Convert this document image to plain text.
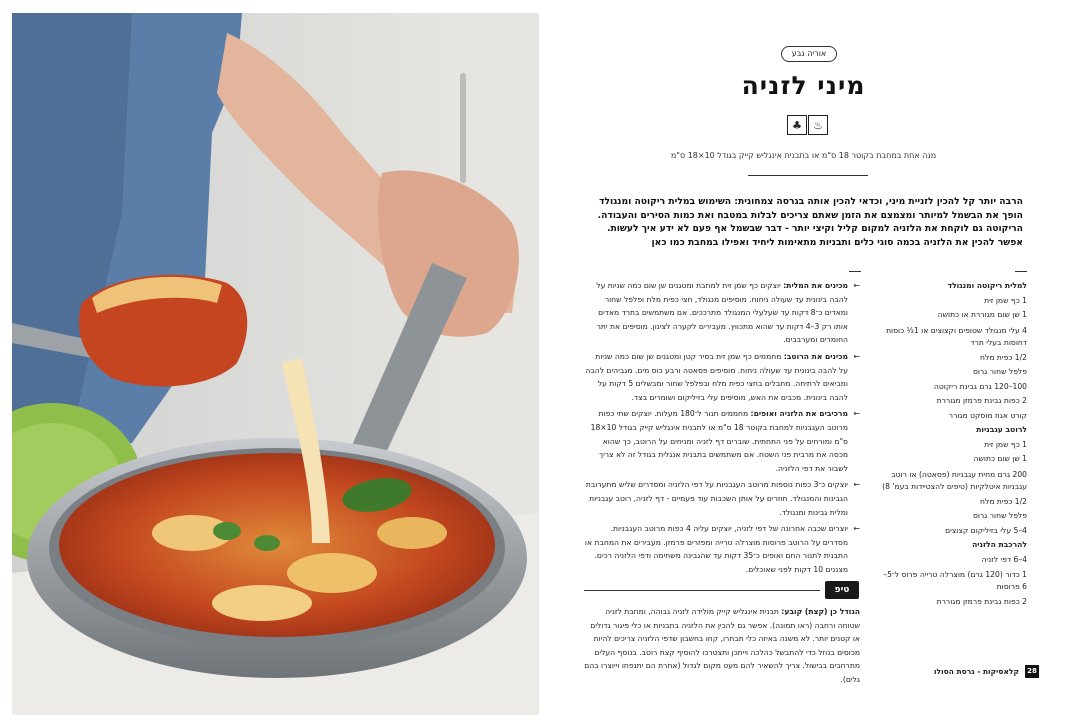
אוריה גבע
מיני לזניה
♣	♨
מנה אחת במחבת בקוטר 18 ס"מ או בתבנית אינגליש קייק בגודל 10×18 ס"מ
הרבה יותר קל להכין לזניית מיני, וכדאי להכין אותה בגרסה צמחונית: השימוש במלית ריקוטה ומנגולד הופך את הבשמל למיותר ומצמצם את הזמן שאתם צריכים לבלות במטבח ואת כמות הסירים והעבודה. הריקוטה גם לוקחת את הלזניה למקום קליל וקיצי יותר - דבר שבשמל אף פעם לא ידע איך לעשות. אפשר להכין את הלזניה בכמה סוגי כלים ותבניות מתאימות ליחיד ואפילו במחבת כמו כאן
למלית ריקוטה ומנגולד
1 כף שמן זית
1 שן שום מגוררת או כתושה
4 עלי מנגולד שטופים וקצוצים או 1½ כוסות דחוסות בעלי תרד
1/2 כפית מלח
פלפל שחור גרוס
100–120 גרם גבינת ריקוטה
2 כפות גבינת פרמזן מגוררת
קורט אגוז מוסקט מגורר
לרוטב עגבניות
1 כף שמן זית
1 שן שום כתושה
200 גרם מחית עגבניות (פסאטה) או רוטב עגבניות איטלקיות (טיפים להצטיידות בעמ' 8)
1/2 כפית מלח
פלפל שחור גרוס
4–5 עלי בזיליקום קצוצים
להרכבת הלזניה
4–6 דפי לזניה
1 כדור (120 גרם) מוצרלה טרייה פרוס ל־5–6 פרוסות
2 כפות גבינת פרמזן מגוררת
←
מכינים את המלית: יוצקים כף שמן זית למחבת ומטגנים שן שום כמה שניות על להבה בינונית עד שעולה ניחוח. מוסיפים מנגולד, חצי כפית מלח ופלפל שחור ומאדים כ־8 דקות עד שעלעלי המנגולד מתרככים. אם משתמשים בתרד מאדים אותו רק 3–4 דקות עד שהוא מתכווץ. מעבירים לקערה לצינון. מוסיפים את יתר החומרים ומערבבים.
←
מכינים את הרוטב: מחממים כף שמן זית בסיר קטן ומטגנים שן שום כמה שניות על להבה בינונית עד שעולה ניחוח. מוסיפים פסאטה ורבע כוס מים. מגביהים להבה ומביאים לרתיחה. מתבלים בחצי כפית מלח ובפלפל שחור ומבשלים 5 דקות על להבה בינונית. מכבים את האש, מוסיפים עלי בזיליקום ושומרים בצד.
←
מרכיבים את הלזניה ואופים: מחממים תנור ל־180 מעלות. יוצקים שתי כפות מרוטב העגבניות למחבת בקוטר 18 ס"מ או לתבנית אינגליש קייק בגודל 10×18 ס"מ ומורחים על פני התחתית. שוברים דף לזניה ומניחים על הרוטב, כך שהוא מכסה את מרבית פני השטח. אם משתמשים בתבנית אנגלית בגודל זה לא צריך לשבור את דפי הלזניה.
←
יוצקים כ־3 כפות נוספות מרוטב העגבניות על דפי הלזניה ומסדרים שליש מתערובת הגבינות והמנגולד. חוזרים על אותן השכבות עוד פעמיים - דף לזניה, רוטב עגבניות ומלית גבינות ומנגולד.
←
יוצרים שכבה אחרונה של דפי לזניה, יוצקים עליה 4 כפות מרוטב העגבניות. מסדרים על הרוטב פרוסות מוצרלה טרייה ומפזרים פרמזן. מעבירים את המחבת או התבנית לתנור החם ואופים כ־35 דקות עד שהגבינה משחימה ודפי הלזניה רכים. מצננים 10 דקות לפני שאוכלים.
טיפ
הגודל כן (קצת) קובע: תבנית אינגליש קייק מולידה לזניה גבוהה, ומחבת לזניה שטוחה ורחבה (ראו תמונה). אפשר גם להכין את הלזניה בתבניות או כלי פיגור גדולים או קטנים יותר. לא משנה באיזה כלי תבחרו, קחו בחשבון שדפי הלזניה צריכים להיות מכוסים בנוזל כדי להתבשל כהלכה וייתכן ותצטרכו להוסיף קצת רוטב. בנוסף העלים מתרחבים בבישול. צריך להשאיר להם מעט מקום לגדול (אחרת הם יתנפחו וייוצרו בהם גלים).
קלאסיקות - גרסת הסולו	28
